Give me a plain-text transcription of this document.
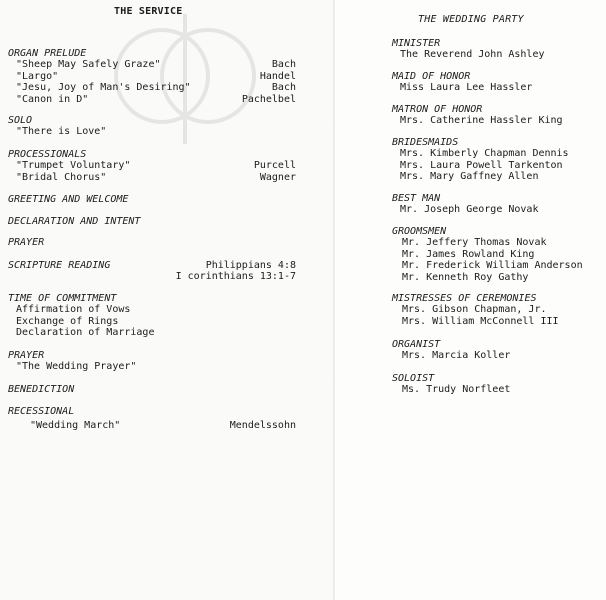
THE SERVICE
ORGAN PRELUDE
"Sheep May Safely Graze"	Bach
"Largo"	Handel
"Jesu, Joy of Man's Desiring"	Bach
"Canon in D"	Pachelbel
SOLO
"There is Love"
PROCESSIONALS
"Trumpet Voluntary"	Purcell
"Bridal Chorus"	Wagner
GREETING AND WELCOME
DECLARATION AND INTENT
PRAYER
SCRIPTURE READING	Philippians 4:8
I corinthians 13:1-7
TIME OF COMMITMENT
Affirmation of Vows
Exchange of Rings
Declaration of Marriage
PRAYER
"The Wedding Prayer"
BENEDICTION
RECESSIONAL
"Wedding March"	Mendelssohn
THE WEDDING PARTY
MINISTER
The Reverend John Ashley
MAID OF HONOR
Miss Laura Lee Hassler
MATRON OF HONOR
Mrs. Catherine Hassler King
BRIDESMAIDS
Mrs. Kimberly Chapman Dennis
Mrs. Laura Powell Tarkenton
Mrs. Mary Gaffney Allen
BEST MAN
Mr. Joseph George Novak
GROOMSMEN
Mr. Jeffery Thomas Novak
Mr. James Rowland King
Mr. Frederick William Anderson
Mr. Kenneth Roy Gathy
MISTRESSES OF CEREMONIES
Mrs. Gibson Chapman, Jr.
Mrs. William McConnell III
ORGANIST
Mrs. Marcia Koller
SOLOIST
Ms. Trudy Norfleet
